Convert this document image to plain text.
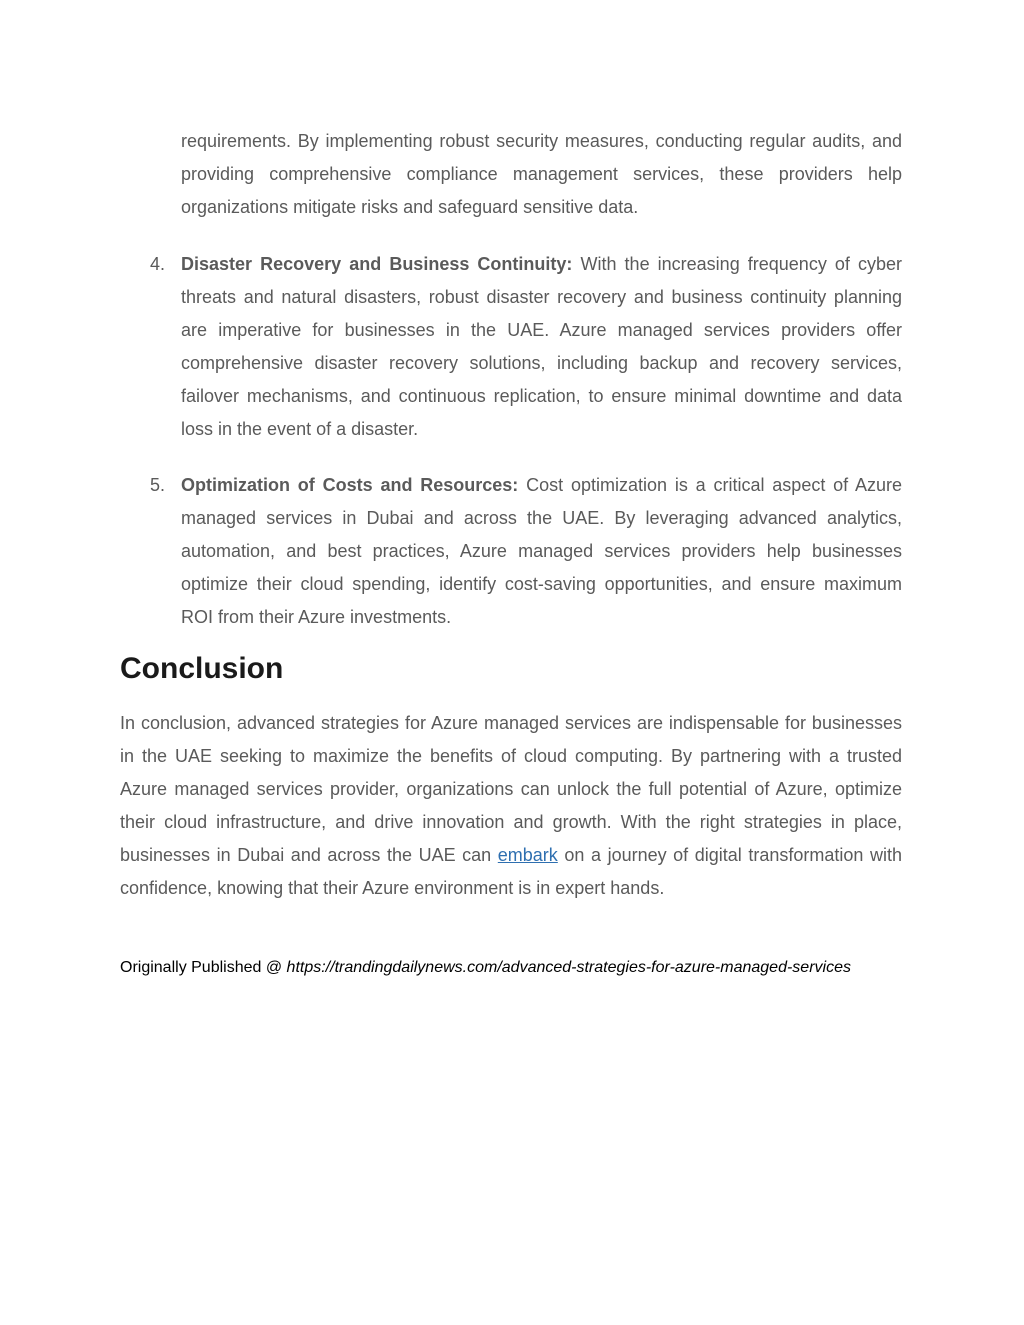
requirements. By implementing robust security measures, conducting regular audits, and providing comprehensive compliance management services, these providers help organizations mitigate risks and safeguard sensitive data.

4. Disaster Recovery and Business Continuity: With the increasing frequency of cyber threats and natural disasters, robust disaster recovery and business continuity planning are imperative for businesses in the UAE. Azure managed services providers offer comprehensive disaster recovery solutions, including backup and recovery services, failover mechanisms, and continuous replication, to ensure minimal downtime and data loss in the event of a disaster.
5. Optimization of Costs and Resources: Cost optimization is a critical aspect of Azure managed services in Dubai and across the UAE. By leveraging advanced analytics, automation, and best practices, Azure managed services providers help businesses optimize their cloud spending, identify cost-saving opportunities, and ensure maximum ROI from their Azure investments.
Conclusion

In conclusion, advanced strategies for Azure managed services are indispensable for businesses in the UAE seeking to maximize the benefits of cloud computing. By partnering with a trusted Azure managed services provider, organizations can unlock the full potential of Azure, optimize their cloud infrastructure, and drive innovation and growth. With the right strategies in place, businesses in Dubai and across the UAE can embark on a journey of digital transformation with confidence, knowing that their Azure environment is in expert hands.

Originally Published @ https://trandingdailynews.com/advanced-strategies-for-azure-managed-services
